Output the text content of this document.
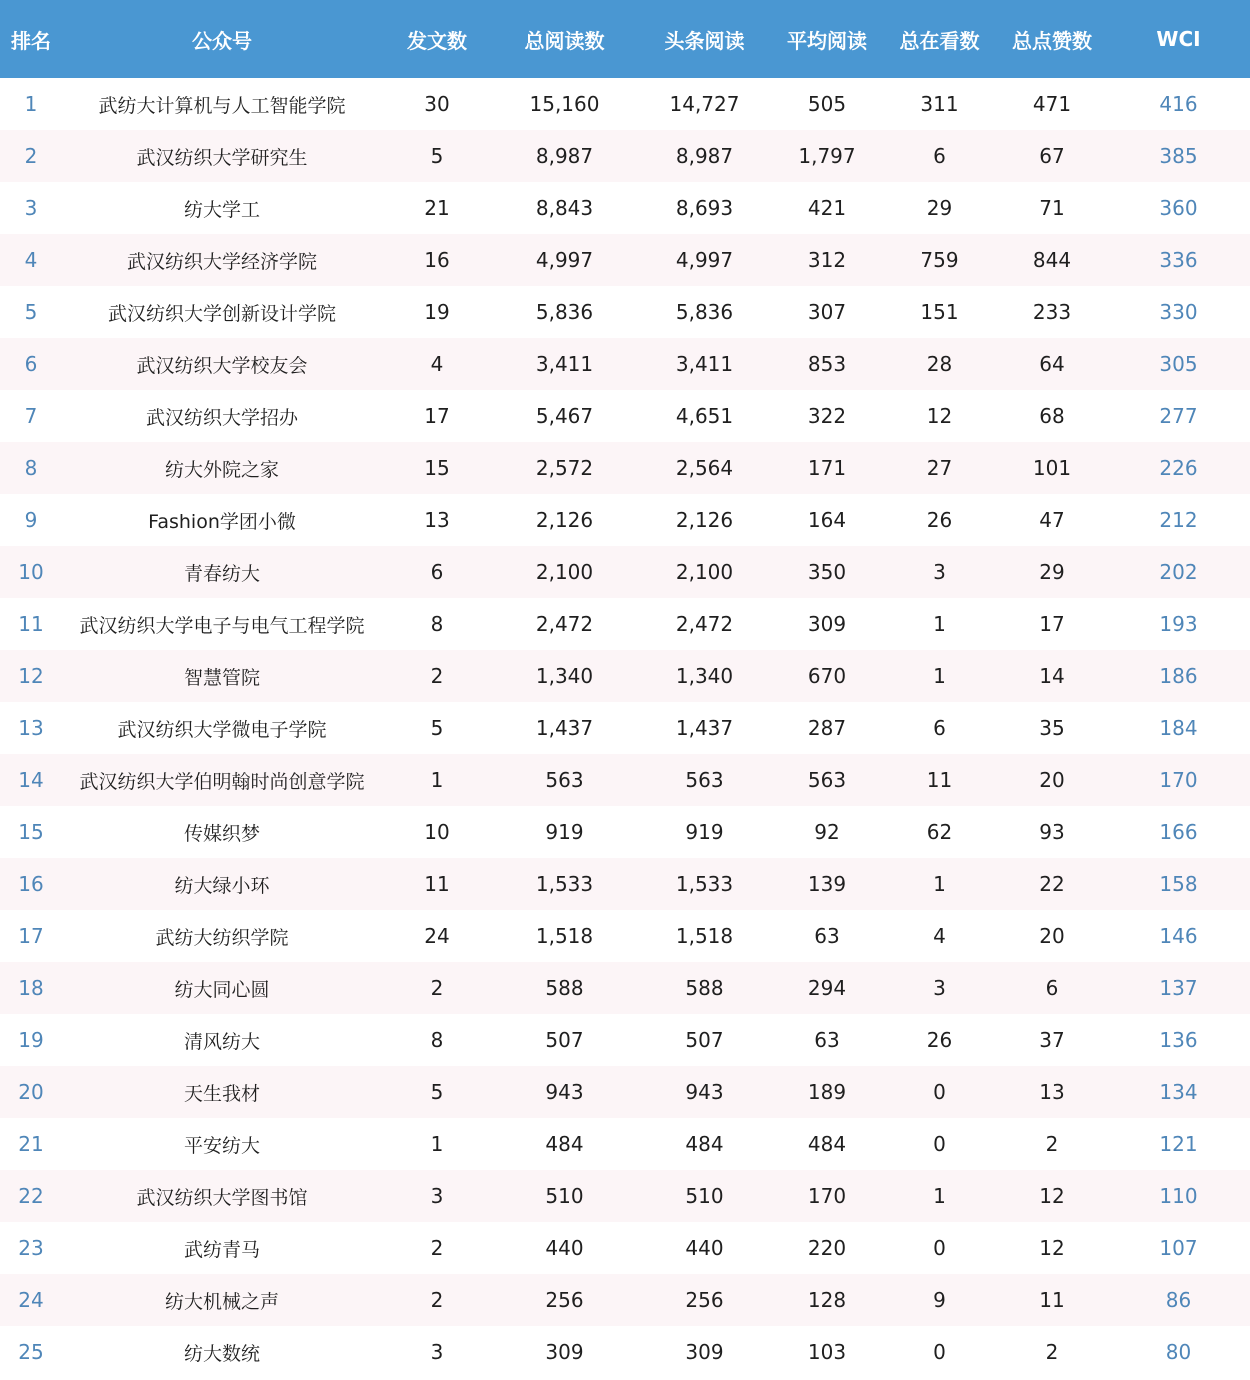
排名	公众号	发文数	总阅读数	头条阅读	平均阅读	总在看数	总点赞数	WCI
1	武纺大计算机与人工智能学院	30	15,160	14,727	505	311	471	416
2	武汉纺织大学研究生	5	8,987	8,987	1,797	6	67	385
3	纺大学工	21	8,843	8,693	421	29	71	360
4	武汉纺织大学经济学院	16	4,997	4,997	312	759	844	336
5	武汉纺织大学创新设计学院	19	5,836	5,836	307	151	233	330
6	武汉纺织大学校友会	4	3,411	3,411	853	28	64	305
7	武汉纺织大学招办	17	5,467	4,651	322	12	68	277
8	纺大外院之家	15	2,572	2,564	171	27	101	226
9	Fashion学团小微	13	2,126	2,126	164	26	47	212
10	青春纺大	6	2,100	2,100	350	3	29	202
11	武汉纺织大学电子与电气工程学院	8	2,472	2,472	309	1	17	193
12	智慧管院	2	1,340	1,340	670	1	14	186
13	武汉纺织大学微电子学院	5	1,437	1,437	287	6	35	184
14	武汉纺织大学伯明翰时尚创意学院	1	563	563	563	11	20	170
15	传媒织梦	10	919	919	92	62	93	166
16	纺大绿小环	11	1,533	1,533	139	1	22	158
17	武纺大纺织学院	24	1,518	1,518	63	4	20	146
18	纺大同心圆	2	588	588	294	3	6	137
19	清风纺大	8	507	507	63	26	37	136
20	天生我材	5	943	943	189	0	13	134
21	平安纺大	1	484	484	484	0	2	121
22	武汉纺织大学图书馆	3	510	510	170	1	12	110
23	武纺青马	2	440	440	220	0	12	107
24	纺大机械之声	2	256	256	128	9	11	86
25	纺大数统	3	309	309	103	0	2	80
